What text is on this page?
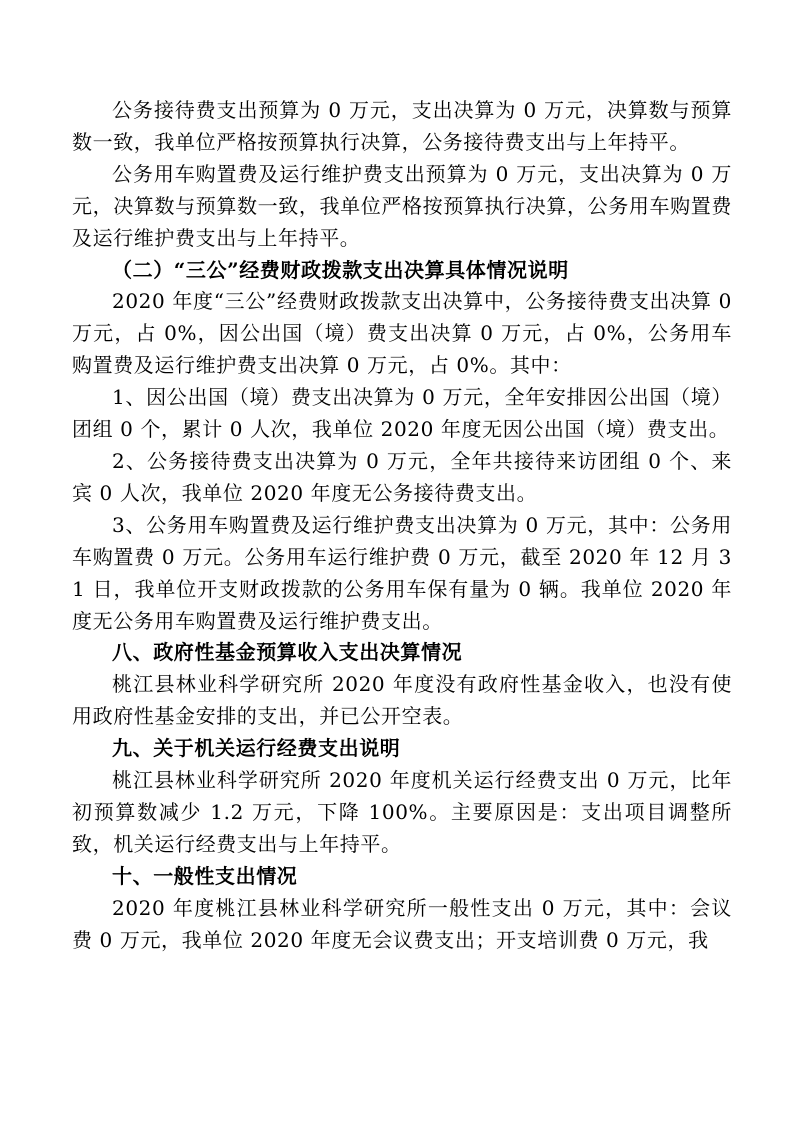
公务接待费支出预算为 0 万元，支出决算为 0 万元，决算数与预算数一致，我单位严格按预算执行决算，公务接待费支出与上年持平。

公务用车购置费及运行维护费支出预算为 0 万元，支出决算为 0 万元，决算数与预算数一致，我单位严格按预算执行决算，公务用车购置费及运行维护费支出与上年持平。

（二）“三公”经费财政拨款支出决算具体情况说明

2020 年度“三公”经费财政拨款支出决算中，公务接待费支出决算 0 万元，占 0%，因公出国（境）费支出决算 0 万元，占 0%，公务用车购置费及运行维护费支出决算 0 万元，占 0%。其中：

1、因公出国（境）费支出决算为 0 万元，全年安排因公出国（境）团组 0 个，累计 0 人次，我单位 2020 年度无因公出国（境）费支出。

2、公务接待费支出决算为 0 万元，全年共接待来访团组 0 个、来宾 0 人次，我单位 2020 年度无公务接待费支出。

3、公务用车购置费及运行维护费支出决算为 0 万元，其中：公务用车购置费 0 万元。公务用车运行维护费 0 万元，截至 2020 年 12 月 31 日，我单位开支财政拨款的公务用车保有量为 0 辆。我单位 2020 年度无公务用车购置费及运行维护费支出。

八、政府性基金预算收入支出决算情况

桃江县林业科学研究所 2020 年度没有政府性基金收入，也没有使用政府性基金安排的支出，并已公开空表。

九、关于机关运行经费支出说明

桃江县林业科学研究所 2020 年度机关运行经费支出 0 万元，比年初预算数减少 1.2 万元，下降 100%。主要原因是：支出项目调整所致，机关运行经费支出与上年持平。

十、一般性支出情况

2020 年度桃江县林业科学研究所一般性支出 0 万元，其中：会议费 0 万元，我单位 2020 年度无会议费支出；开支培训费 0 万元，我
